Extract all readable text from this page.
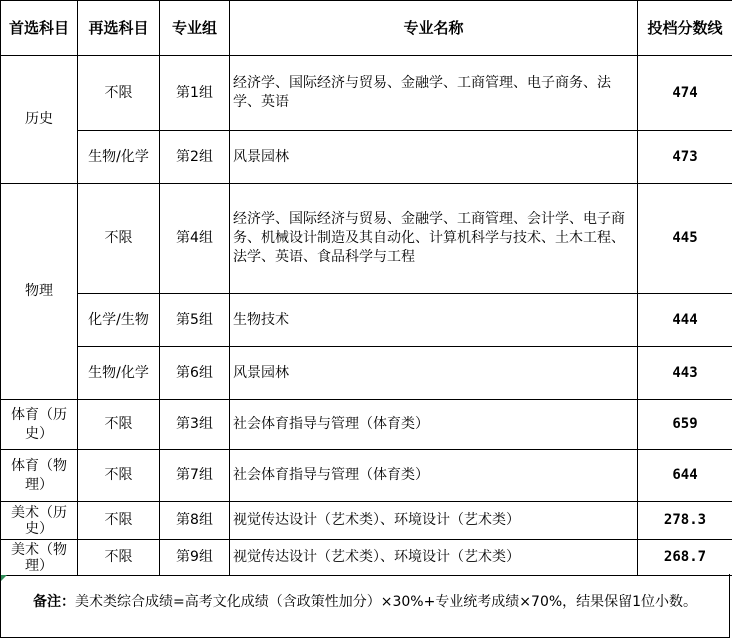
首选科目	再选科目	专业组	专业名称	投档分数线
历史	不限	第1组	经济学、国际经济与贸易、金融学、工商管理、电子商务、法学、英语	474
	生物/化学	第2组	风景园林	473
物理	不限	第4组	经济学、国际经济与贸易、金融学、工商管理、会计学、电子商务、机械设计制造及其自动化、计算机科学与技术、土木工程、法学、英语、食品科学与工程	445
	化学/生物	第5组	生物技术	444
	生物/化学	第6组	风景园林	443
体育（历史）	不限	第3组	社会体育指导与管理（体育类）	659
体育（物理）	不限	第7组	社会体育指导与管理（体育类）	644
美术（历史）	不限	第8组	视觉传达设计（艺术类）、环境设计（艺术类）	278.3
美术（物理）	不限	第9组	视觉传达设计（艺术类）、环境设计（艺术类）	268.7
备注：美术类综合成绩=高考文化成绩（含政策性加分）×30%+专业统考成绩×70%，结果保留1位小数。
